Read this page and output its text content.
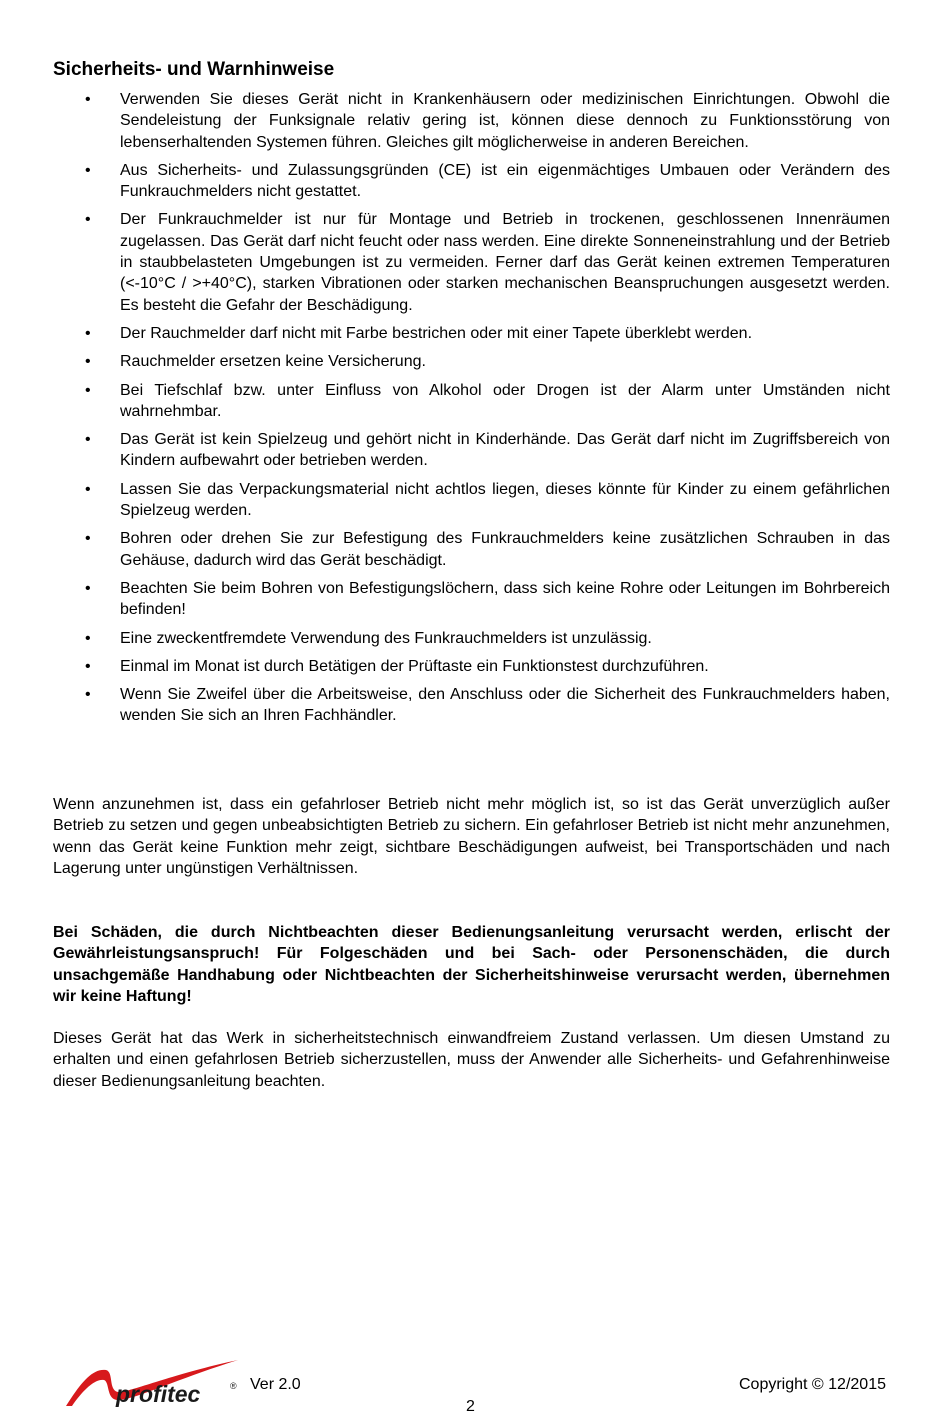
Sicherheits- und Warnhinweise
• Verwenden Sie dieses Gerät nicht in Krankenhäusern oder medizinischen Einrichtungen. Obwohl die Sendeleistung der Funksignale relativ gering ist, können diese dennoch zu Funktionsstörung von lebenserhaltenden Systemen führen. Gleiches gilt möglicherweise in anderen Bereichen.
• Aus Sicherheits- und Zulassungsgründen (CE) ist ein eigenmächtiges Umbauen oder Verändern des Funkrauchmelders nicht gestattet.
• Der Funkrauchmelder ist nur für Montage und Betrieb in trockenen, geschlossenen Innenräumen zugelassen. Das Gerät darf nicht feucht oder nass werden. Eine direkte Sonneneinstrahlung und der Betrieb in staubbelasteten Umgebungen ist zu vermeiden. Ferner darf das Gerät keinen extremen Temperaturen (<-10°C / >+40°C), starken Vibrationen oder starken mechanischen Beanspruchungen ausgesetzt werden. Es besteht die Gefahr der Beschädigung.
• Der Rauchmelder darf nicht mit Farbe bestrichen oder mit einer Tapete überklebt werden.
• Rauchmelder ersetzen keine Versicherung.
• Bei Tiefschlaf bzw. unter Einfluss von Alkohol oder Drogen ist der Alarm unter Umständen nicht wahrnehmbar.
• Das Gerät ist kein Spielzeug und gehört nicht in Kinderhände. Das Gerät darf nicht im Zugriffsbereich von Kindern aufbewahrt oder betrieben werden.
• Lassen Sie das Verpackungsmaterial nicht achtlos liegen, dieses könnte für Kinder zu einem gefährlichen Spielzeug werden.
• Bohren oder drehen Sie zur Befestigung des Funkrauchmelders keine zusätzlichen Schrauben in das Gehäuse, dadurch wird das Gerät beschädigt.
• Beachten Sie beim Bohren von Befestigungslöchern, dass sich keine Rohre oder Leitungen im Bohrbereich befinden!
• Eine zweckentfremdete Verwendung des Funkrauchmelders ist unzulässig.
• Einmal im Monat ist durch Betätigen der Prüftaste ein Funktionstest durchzuführen.
• Wenn Sie Zweifel über die Arbeitsweise, den Anschluss oder die Sicherheit des Funkrauchmelders haben, wenden Sie sich an Ihren Fachhändler.

Wenn anzunehmen ist, dass ein gefahrloser Betrieb nicht mehr möglich ist, so ist das Gerät unverzüglich außer Betrieb zu setzen und gegen unbeabsichtigten Betrieb zu sichern. Ein gefahrloser Betrieb ist nicht mehr anzunehmen, wenn das Gerät keine Funktion mehr zeigt, sichtbare Beschädigungen aufweist, bei Transportschäden und nach Lagerung unter ungünstigen Verhältnissen.

Bei Schäden, die durch Nichtbeachten dieser Bedienungsanleitung verursacht werden, erlischt der Gewährleistungsanspruch! Für Folgeschäden und bei Sach- oder Personenschäden, die durch unsachgemäße Handhabung oder Nichtbeachten der Sicherheitshinweise verursacht werden, übernehmen wir keine Haftung!

Dieses Gerät hat das Werk in sicherheitstechnisch einwandfreiem Zustand verlassen. Um diesen Umstand zu erhalten und einen gefahrlosen Betrieb sicherzustellen, muss der Anwender alle Sicherheits- und Gefahrenhinweise dieser Bedienungsanleitung beachten.

profitec	® Ver 2.0	Copyright © 12/2015
2
